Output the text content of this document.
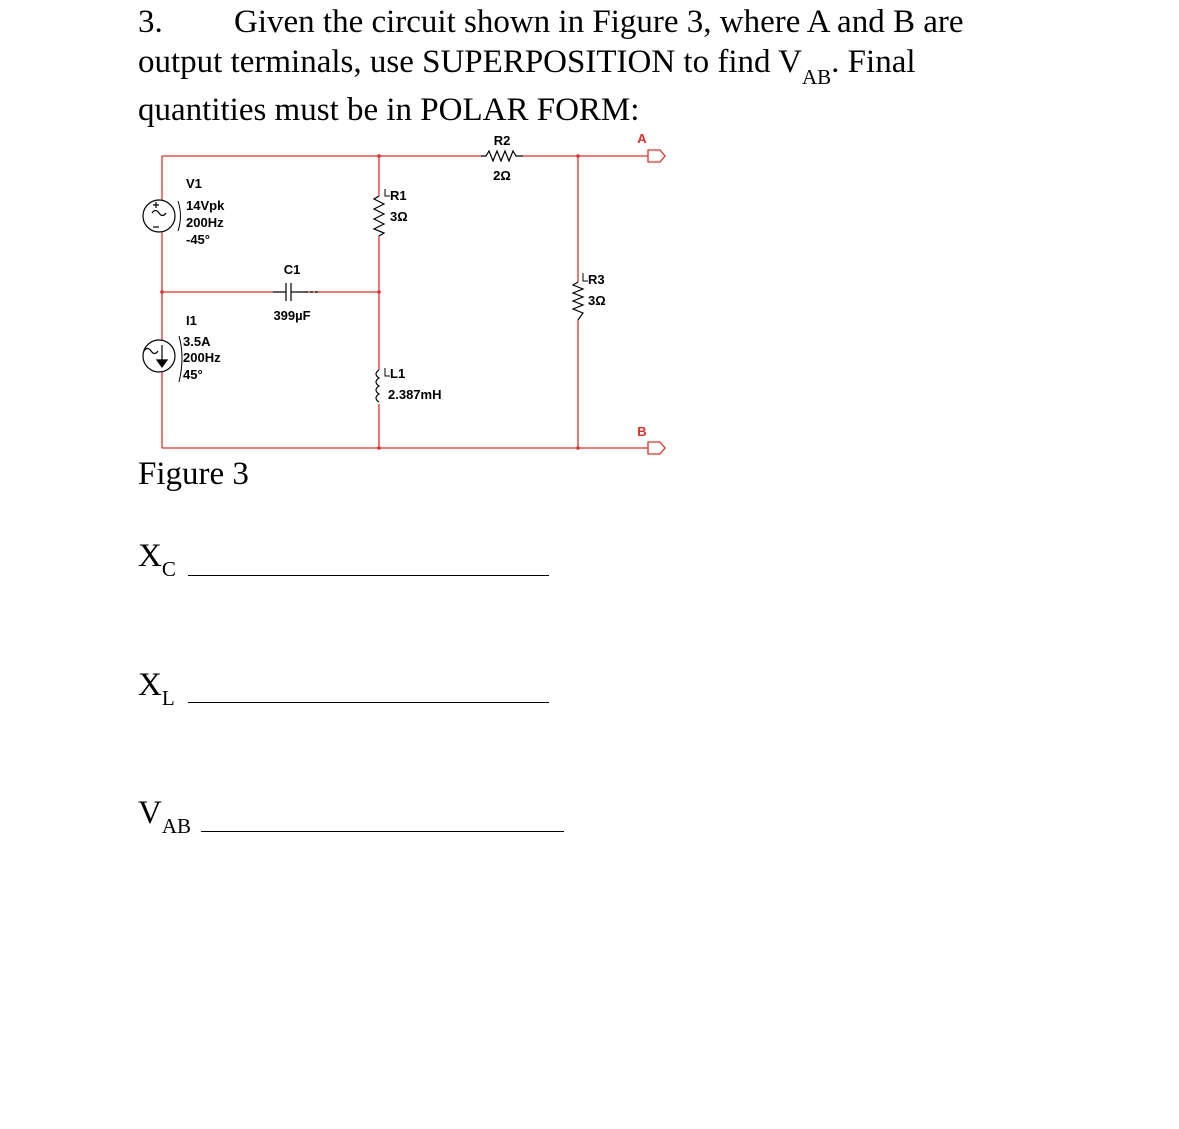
3. Given the circuit shown in Figure 3, where A and B are
output terminals, use SUPERPOSITION to find $V_{AB}$. Final
quantities must be in POLAR FORM:
V1
14Vpk
200Hz
-45°
I1
3.5A
200Hz
45°
R1
3Ω
R2
2Ω
R3
3Ω
C1
399µF
L1
2.387mH
A
B
Figure 3
$X_C$
$X_L$
$V_{AB}$
